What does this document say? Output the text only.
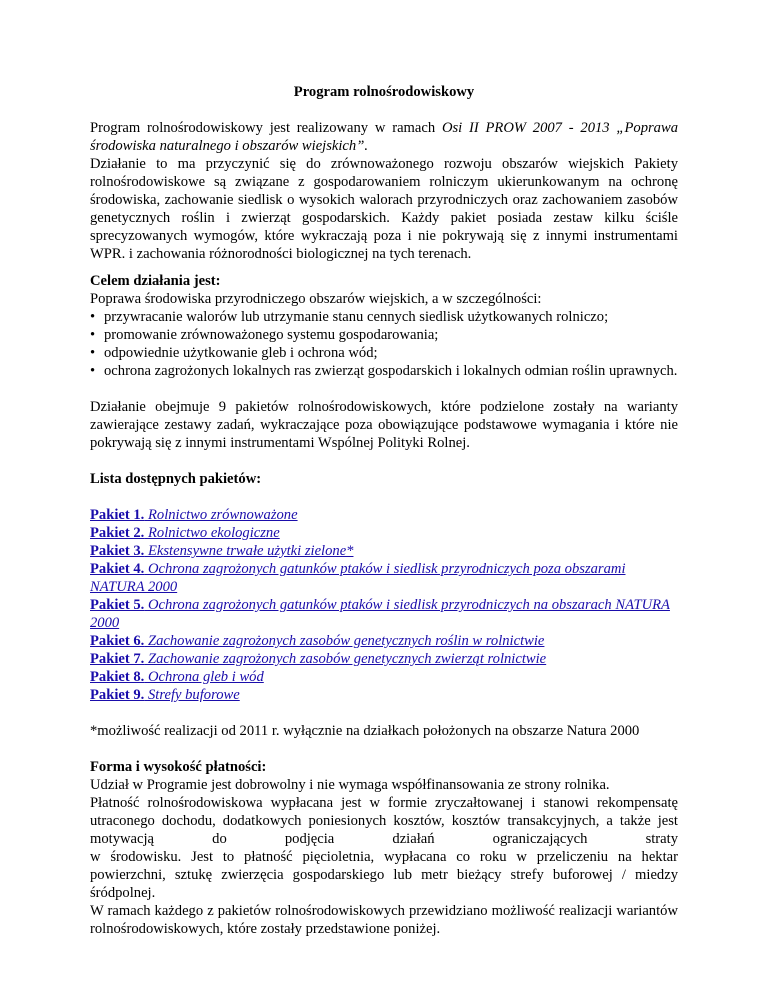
Program rolnośrodowiskowy

Program rolnośrodowiskowy jest realizowany w ramach Osi II PROW 2007 - 2013 „Poprawa środowiska naturalnego i obszarów wiejskich”.

Działanie to ma przyczynić się do zrównoważonego rozwoju obszarów wiejskich Pakiety rolnośrodowiskowe są związane z gospodarowaniem rolniczym ukierunkowanym na ochronę środowiska, zachowanie siedlisk o wysokich walorach przyrodniczych oraz zachowaniem zasobów genetycznych roślin i zwierząt gospodarskich. Każdy pakiet posiada zestaw kilku ściśle sprecyzowanych wymogów, które wykraczają poza i nie pokrywają się z innymi instrumentami WPR. i zachowania różnorodności biologicznej na tych terenach.

Celem działania jest:

Poprawa środowiska przyrodniczego obszarów wiejskich, a w szczególności:

• przywracanie walorów lub utrzymanie stanu cennych siedlisk użytkowanych rolniczo;
• promowanie zrównoważonego systemu gospodarowania;
• odpowiednie użytkowanie gleb i ochrona wód;
• ochrona zagrożonych lokalnych ras zwierząt gospodarskich i lokalnych odmian roślin uprawnych.

Działanie obejmuje 9 pakietów rolnośrodowiskowych, które podzielone zostały na warianty zawierające zestawy zadań, wykraczające poza obowiązujące podstawowe wymagania i które nie pokrywają się z innymi instrumentami Wspólnej Polityki Rolnej.

Lista dostępnych pakietów:

Pakiet 1. Rolnictwo zrównoważone
Pakiet 2. Rolnictwo ekologiczne
Pakiet 3. Ekstensywne trwałe użytki zielone*
Pakiet 4. Ochrona zagrożonych gatunków ptaków i siedlisk przyrodniczych poza obszarami NATURA 2000
Pakiet 5. Ochrona zagrożonych gatunków ptaków i siedlisk przyrodniczych na obszarach NATURA 2000
Pakiet 6. Zachowanie zagrożonych zasobów genetycznych roślin w rolnictwie
Pakiet 7. Zachowanie zagrożonych zasobów genetycznych zwierząt rolnictwie
Pakiet 8. Ochrona gleb i wód
Pakiet 9. Strefy buforowe

*możliwość realizacji od 2011 r. wyłącznie na działkach położonych na obszarze Natura 2000

Forma i wysokość płatności:

Udział w Programie jest dobrowolny i nie wymaga współfinansowania ze strony rolnika.

Płatność rolnośrodowiskowa wypłacana jest w formie zryczałtowanej i stanowi rekompensatę utraconego dochodu, dodatkowych poniesionych kosztów, kosztów transakcyjnych, a także jest motywacją do podjęcia działań ograniczających straty

w środowisku. Jest to płatność pięcioletnia, wypłacana co roku w przeliczeniu na hektar powierzchni, sztukę zwierzęcia gospodarskiego lub metr bieżący strefy buforowej / miedzy śródpolnej.

W ramach każdego z pakietów rolnośrodowiskowych przewidziano możliwość realizacji wariantów rolnośrodowiskowych, które zostały przedstawione poniżej.
